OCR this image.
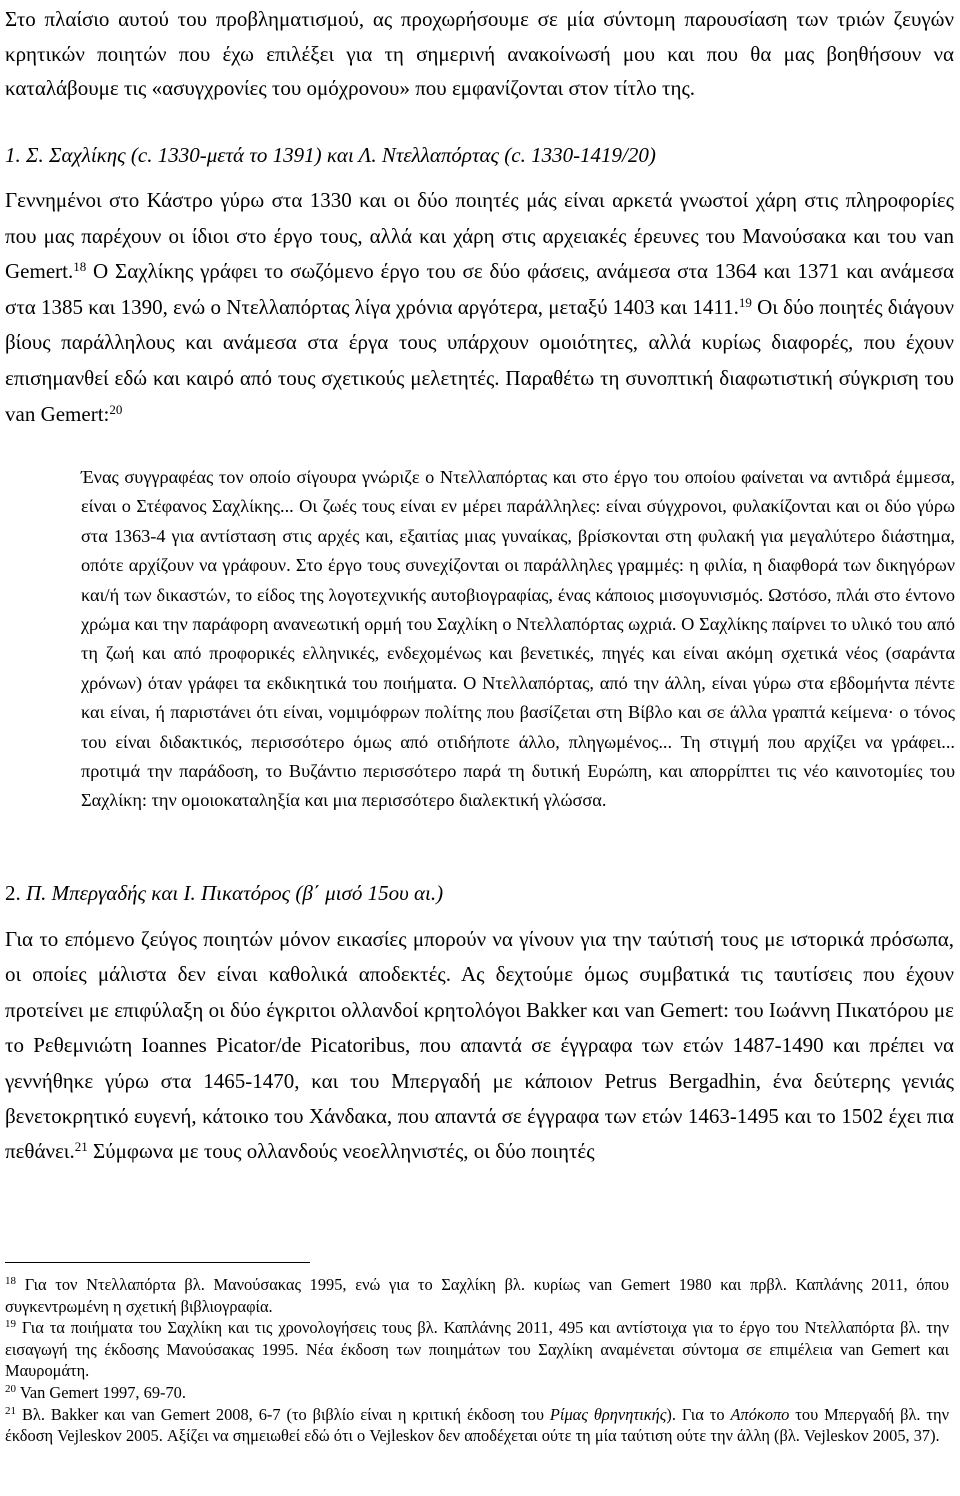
Στο πλαίσιο αυτού του προβληματισμού, ας προχωρήσουμε σε μία σύντομη παρουσίαση των τριών ζευγών κρητικών ποιητών που έχω επιλέξει για τη σημερινή ανακοίνωσή μου και που θα μας βοηθήσουν να καταλάβουμε τις «ασυγχρονίες του ομόχρονου» που εμφανίζονται στον τίτλο της.

1. Σ. Σαχλίκης (c. 1330-μετά το 1391) και Λ. Ντελλαπόρτας (c. 1330-1419/20)

Γεννημένοι στο Κάστρο γύρω στα 1330 και οι δύο ποιητές μάς είναι αρκετά γνωστοί χάρη στις πληροφορίες που μας παρέχουν οι ίδιοι στο έργο τους, αλλά και χάρη στις αρχειακές έρευνες του Μανούσακα και του van Gemert.$^{18}$ Ο Σαχλίκης γράφει το σωζόμενο έργο του σε δύο φάσεις, ανάμεσα στα 1364 και 1371 και ανάμεσα στα 1385 και 1390, ενώ ο Ντελλαπόρτας λίγα χρόνια αργότερα, μεταξύ 1403 και 1411.19 Οι δύο ποιητές διάγουν βίους παράλληλους και ανάμεσα στα έργα τους υπάρχουν ομοιότητες, αλλά κυρίως διαφορές, που έχουν επισημανθεί εδώ και καιρό από τους σχετικούς μελετητές. Παραθέτω τη συνοπτική διαφωτιστική σύγκριση του van Gemert:$^{20}$

Ένας συγγραφέας τον οποίο σίγουρα γνώριζε ο Ντελλαπόρτας και στο έργο του οποίου φαίνεται να αντιδρά έμμεσα, είναι ο Στέφανος Σαχλίκης... Οι ζωές τους είναι εν μέρει παράλληλες: είναι σύγχρονοι, φυλακίζονται και οι δύο γύρω στα 1363-4 για αντίσταση στις αρχές και, εξαιτίας μιας γυναίκας, βρίσκονται στη φυλακή για μεγαλύτερο διάστημα, οπότε αρχίζουν να γράφουν. Στο έργο τους συνεχίζονται οι παράλληλες γραμμές: η φιλία, η διαφθορά των δικηγόρων και/ή των δικαστών, το είδος της λογοτεχνικής αυτοβιογραφίας, ένας κάποιος μισογυνισμός. Ωστόσο, πλάι στο έντονο χρώμα και την παράφορη ανανεωτική ορμή του Σαχλίκη ο Ντελλαπόρτας ωχριά. Ο Σαχλίκης παίρνει το υλικό του από τη ζωή και από προφορικές ελληνικές, ενδεχομένως και βενετικές, πηγές και είναι ακόμη σχετικά νέος (σαράντα χρόνων) όταν γράφει τα εκδικητικά του ποιήματα. Ο Ντελλαπόρτας, από την άλλη, είναι γύρω στα εβδομήντα πέντε και είναι, ή παριστάνει ότι είναι, νομιμόφρων πολίτης που βασίζεται στη Βίβλο και σε άλλα γραπτά κείμενα· ο τόνος του είναι διδακτικός, περισσότερο όμως από οτιδήποτε άλλο, πληγωμένος... Τη στιγμή που αρχίζει να γράφει... προτιμά την παράδοση, το Βυζάντιο περισσότερο παρά τη δυτική Ευρώπη, και απορρίπτει τις νέο καινοτομίες του Σαχλίκη: την ομοιοκαταληξία και μια περισσότερο διαλεκτική γλώσσα.
2. Π. Μπεργαδής και Ι. Πικατόρος (β΄ μισό 15ου αι.)

Για το επόμενο ζεύγος ποιητών μόνον εικασίες μπορούν να γίνουν για την ταύτισή τους με ιστορικά πρόσωπα, οι οποίες μάλιστα δεν είναι καθολικά αποδεκτές. Ας δεχτούμε όμως συμβατικά τις ταυτίσεις που έχουν προτείνει με επιφύλαξη οι δύο έγκριτοι ολλανδοί κρητολόγοι Bakker και van Gemert: του Ιωάννη Πικατόρου με το Ρεθεμνιώτη Ioannes Picator/de Picatoribus, που απαντά σε έγγραφα των ετών 1487-1490 και πρέπει να γεννήθηκε γύρω στα 1465-1470, και του Μπεργαδή με κάποιον Petrus Bergadhin, ένα δεύτερης γενιάς βενετοκρητικό ευγενή, κάτοικο του Χάνδακα, που απαντά σε έγγραφα των ετών 1463-1495 και το 1502 έχει πια πεθάνει.$^{21}$ Σύμφωνα με τους ολλανδούς νεοελληνιστές, οι δύο ποιητές

$^{18}$ Για τον Ντελλαπόρτα βλ. Μανούσακας 1995, ενώ για το Σαχλίκη βλ. κυρίως van Gemert 1980 και πρβλ. Καπλάνης 2011, όπου συγκεντρωμένη η σχετική βιβλιογραφία.

$^{19}$ Για τα ποιήματα του Σαχλίκη και τις χρονολογήσεις τους βλ. Καπλάνης 2011, 495 και αντίστοιχα για το έργο του Ντελλαπόρτα βλ. την εισαγωγή της έκδοσης Μανούσακας 1995. Νέα έκδοση των ποιημάτων του Σαχλίκη αναμένεται σύντομα σε επιμέλεια van Gemert και Μαυρομάτη.

$^{20}$ Van Gemert 1997, 69-70.

$^{21}$ Βλ. Bakker και van Gemert 2008, 6-7 (το βιβλίο είναι η κριτική έκδοση του Ρίμας θρηνητικής). Για το Απόκοπο του Μπεργαδή βλ. την έκδοση Vejleskov 2005. Αξίζει να σημειωθεί εδώ ότι ο Vejleskov δεν αποδέχεται ούτε τη μία ταύτιση ούτε την άλλη (βλ. Vejleskov 2005, 37).
